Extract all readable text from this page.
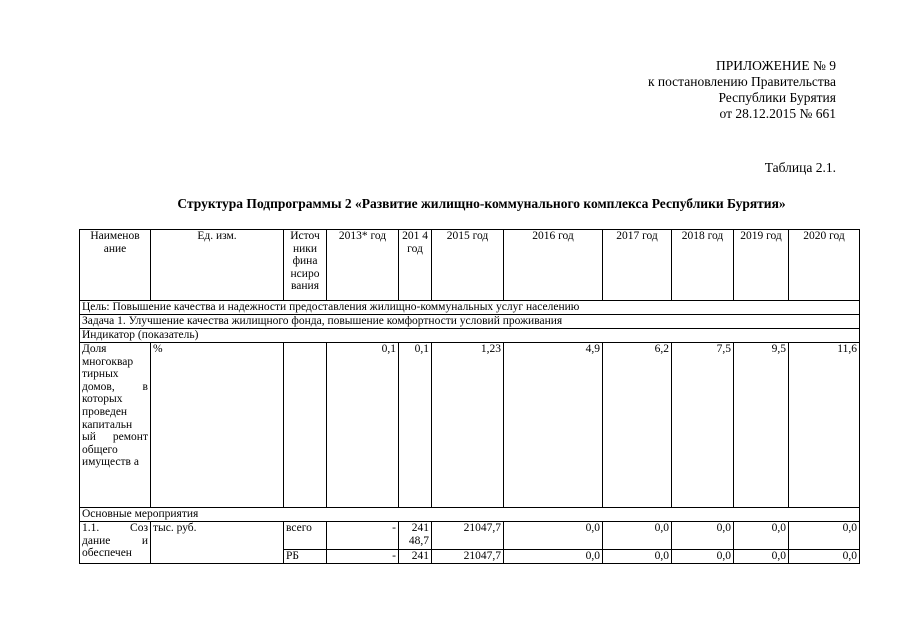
ПРИЛОЖЕНИЕ № 9
к постановлению Правительства
Республики Бурятия
от 28.12.2015 № 661
Таблица 2.1.
Структура Подпрограммы 2 «Развитие жилищно-коммунального комплекса Республики Бурятия»
Наименов ание	Ед. изм.	Источ ники фина нсиро вания	2013* год	201 4 год	2015 год	2016 год	2017 год	2018 год	2019 год	2020 год
Цель: Повышение качества и надежности предоставления жилищно-коммунальных услуг населению										
Задача 1. Улучшение качества жилищного фонда, повышение комфортности условий проживания										
Индикатор (показатель)										
Доля многоквар тирных домов, в которых проведен капитальн ый ремонт общего имуществ а	%		0,1	0,1	1,23	4,9	6,2	7,5	9,5	11,6
Основные мероприятия										
1.1. Соз дание и обеспечен	тыс. руб.	всего	-	241 48,7	21047,7	0,0	0,0	0,0	0,0	0,0
		РБ	-	241	21047,7	0,0	0,0	0,0	0,0	0,0
